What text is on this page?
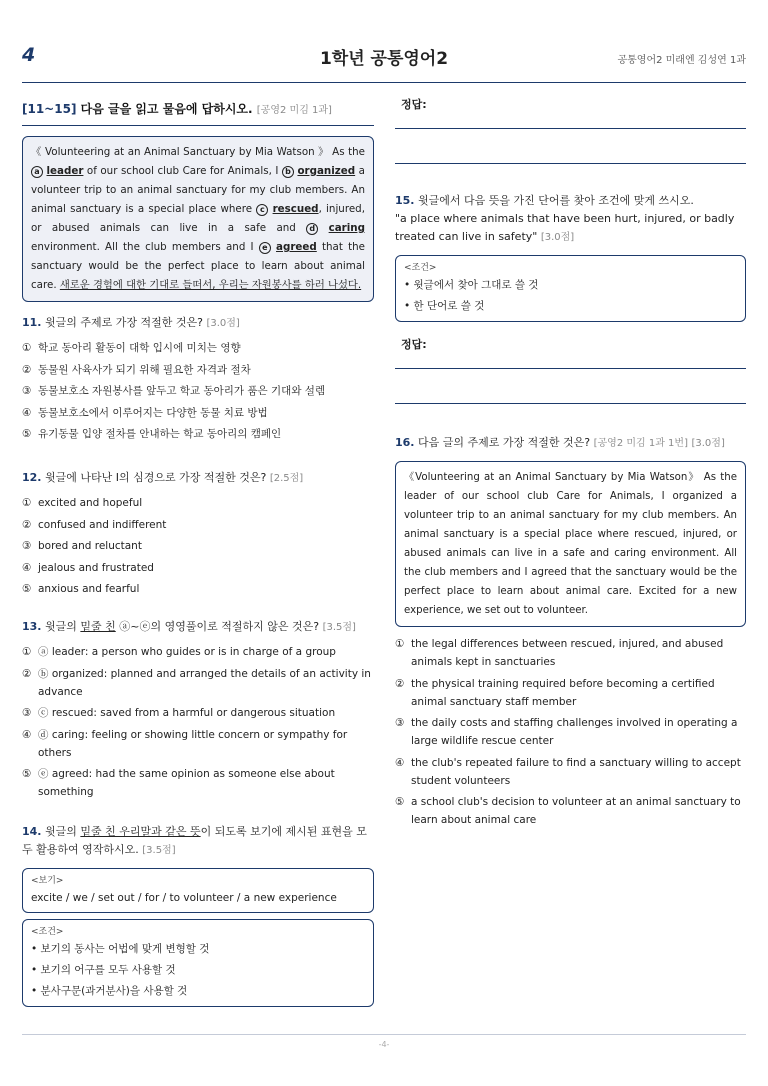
4	1학년 공통영어2	공통영어2 미래엔 김성연 1과
[11~15] 다음 글을 읽고 물음에 답하시오. [공영2 미김 1과]
《 Volunteering at an Animal Sanctuary by Mia Watson 》 As the a leader of our school club Care for Animals, I b organized a volunteer trip to an animal sanctuary for my club members. An animal sanctuary is a special place where c rescued, injured, or abused animals can live in a safe and d caring environment. All the club members and I e agreed that the sanctuary would be the perfect place to learn about animal care. 새로운 경험에 대한 기대로 들떠서, 우리는 자원봉사를 하러 나섰다.
11. 윗글의 주제로 가장 적절한 것은? [3.0점]
① 학교 동아리 활동이 대학 입시에 미치는 영향
② 동물원 사육사가 되기 위해 필요한 자격과 절차
③ 동물보호소 자원봉사를 앞두고 학교 동아리가 품은 기대와 설렘
④ 동물보호소에서 이루어지는 다양한 동물 치료 방법
⑤ 유기동물 입양 절차를 안내하는 학교 동아리의 캠페인
12. 윗글에 나타난 I의 심경으로 가장 적절한 것은? [2.5점]
① excited and hopeful
② confused and indifferent
③ bored and reluctant
④ jealous and frustrated
⑤ anxious and fearful
13. 윗글의 밑줄 친 ⓐ~ⓔ의 영영풀이로 적절하지 않은 것은? [3.5점]
① ⓐ leader: a person who guides or is in charge of a group
② ⓑ organized: planned and arranged the details of an activity in advance
③ ⓒ rescued: saved from a harmful or dangerous situation
④ ⓓ caring: feeling or showing little concern or sympathy for others
⑤ ⓔ agreed: had the same opinion as someone else about something
14. 윗글의 밑줄 친 우리말과 같은 뜻이 되도록 보기에 제시된 표현을 모두 활용하여 영작하시오. [3.5점]
<보기>
excite / we / set out / for / to volunteer / a new experience
<조건>
• 보기의 동사는 어법에 맞게 변형할 것
• 보기의 어구를 모두 사용할 것
• 분사구문(과거분사)을 사용할 것
정답:
15. 윗글에서 다음 뜻을 가진 단어를 찾아 조건에 맞게 쓰시오.
"a place where animals that have been hurt, injured, or badly treated can live in safety" [3.0점]
<조건>
• 윗글에서 찾아 그대로 쓸 것
• 한 단어로 쓸 것
정답:
16. 다음 글의 주제로 가장 적절한 것은? [공영2 미김 1과 1번] [3.0점]
《Volunteering at an Animal Sanctuary by Mia Watson》 As the leader of our school club Care for Animals, I organized a volunteer trip to an animal sanctuary for my club members. An animal sanctuary is a special place where rescued, injured, or abused animals can live in a safe and caring environment. All the club members and I agreed that the sanctuary would be the perfect place to learn about animal care. Excited for a new experience, we set out to volunteer.
① the legal differences between rescued, injured, and abused animals kept in sanctuaries
② the physical training required before becoming a certified animal sanctuary staff member
③ the daily costs and staffing challenges involved in operating a large wildlife rescue center
④ the club's repeated failure to find a sanctuary willing to accept student volunteers
⑤ a school club's decision to volunteer at an animal sanctuary to learn about animal care
-4-
